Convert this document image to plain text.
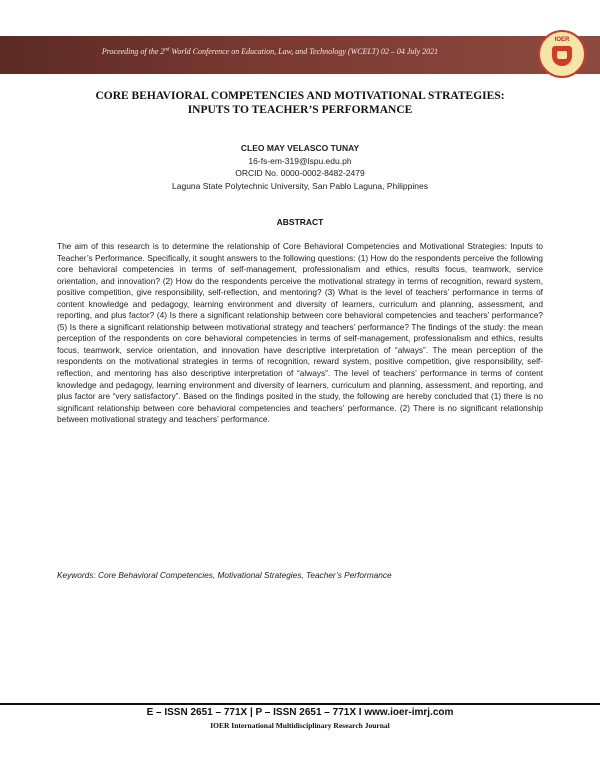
Proceeding of the 2nd World Conference on Education, Law, and Technology (WCELT) 02 – 04 July 2021
IOER
CORE BEHAVIORAL COMPETENCIES AND MOTIVATIONAL STRATEGIES:
INPUTS TO TEACHER’S PERFORMANCE
CLEO MAY VELASCO TUNAY
16-fs-em-319@lspu.edu.ph
ORCID No. 0000-0002-8482-2479
Laguna State Polytechnic University, San Pablo Laguna, Philippines
ABSTRACT
The aim of this research is to determine the relationship of Core Behavioral Competencies and Motivational Strategies: Inputs to Teacher’s Performance. Specifically, it sought answers to the following questions: (1) How do the respondents perceive the following core behavioral competencies in terms of self-management, professionalism and ethics, results focus, teamwork, service orientation, and innovation? (2) How do the respondents perceive the motivational strategy in terms of recognition, reward system, positive competition, give responsibility, self-reflection, and mentoring? (3) What is the level of teachers’ performance in terms of content knowledge and pedagogy, learning environment and diversity of learners, curriculum and planning, assessment, and reporting, and plus factor? (4) Is there a significant relationship between core behavioral competencies and teachers’ performance? (5) Is there a significant relationship between motivational strategy and teachers’ performance? The findings of the study: the mean perception of the respondents on core behavioral competencies in terms of self-management, professionalism and ethics, results focus, teamwork, service orientation, and innovation have descriptive interpretation of “always”. The mean perception of the respondents on the motivational strategies in terms of recognition, reward system, positive competition, give responsibility, self-reflection, and mentoring has also descriptive interpretation of “always”. The level of teachers’ performance in terms of content knowledge and pedagogy, learning environment and diversity of learners, curriculum and planning, assessment, and reporting, and plus factor are “very satisfactory”. Based on the findings posited in the study, the following are hereby concluded that (1) there is no significant relationship between core behavioral competencies and teachers’ performance. (2) There is no significant relationship between motivational strategy and teachers’ performance.
Keywords: Core Behavioral Competencies, Motivational Strategies, Teacher’s Performance
E – ISSN 2651 – 771X | P – ISSN 2651 – 771X I www.ioer-imrj.com
IOER International Multidisciplinary Research Journal
